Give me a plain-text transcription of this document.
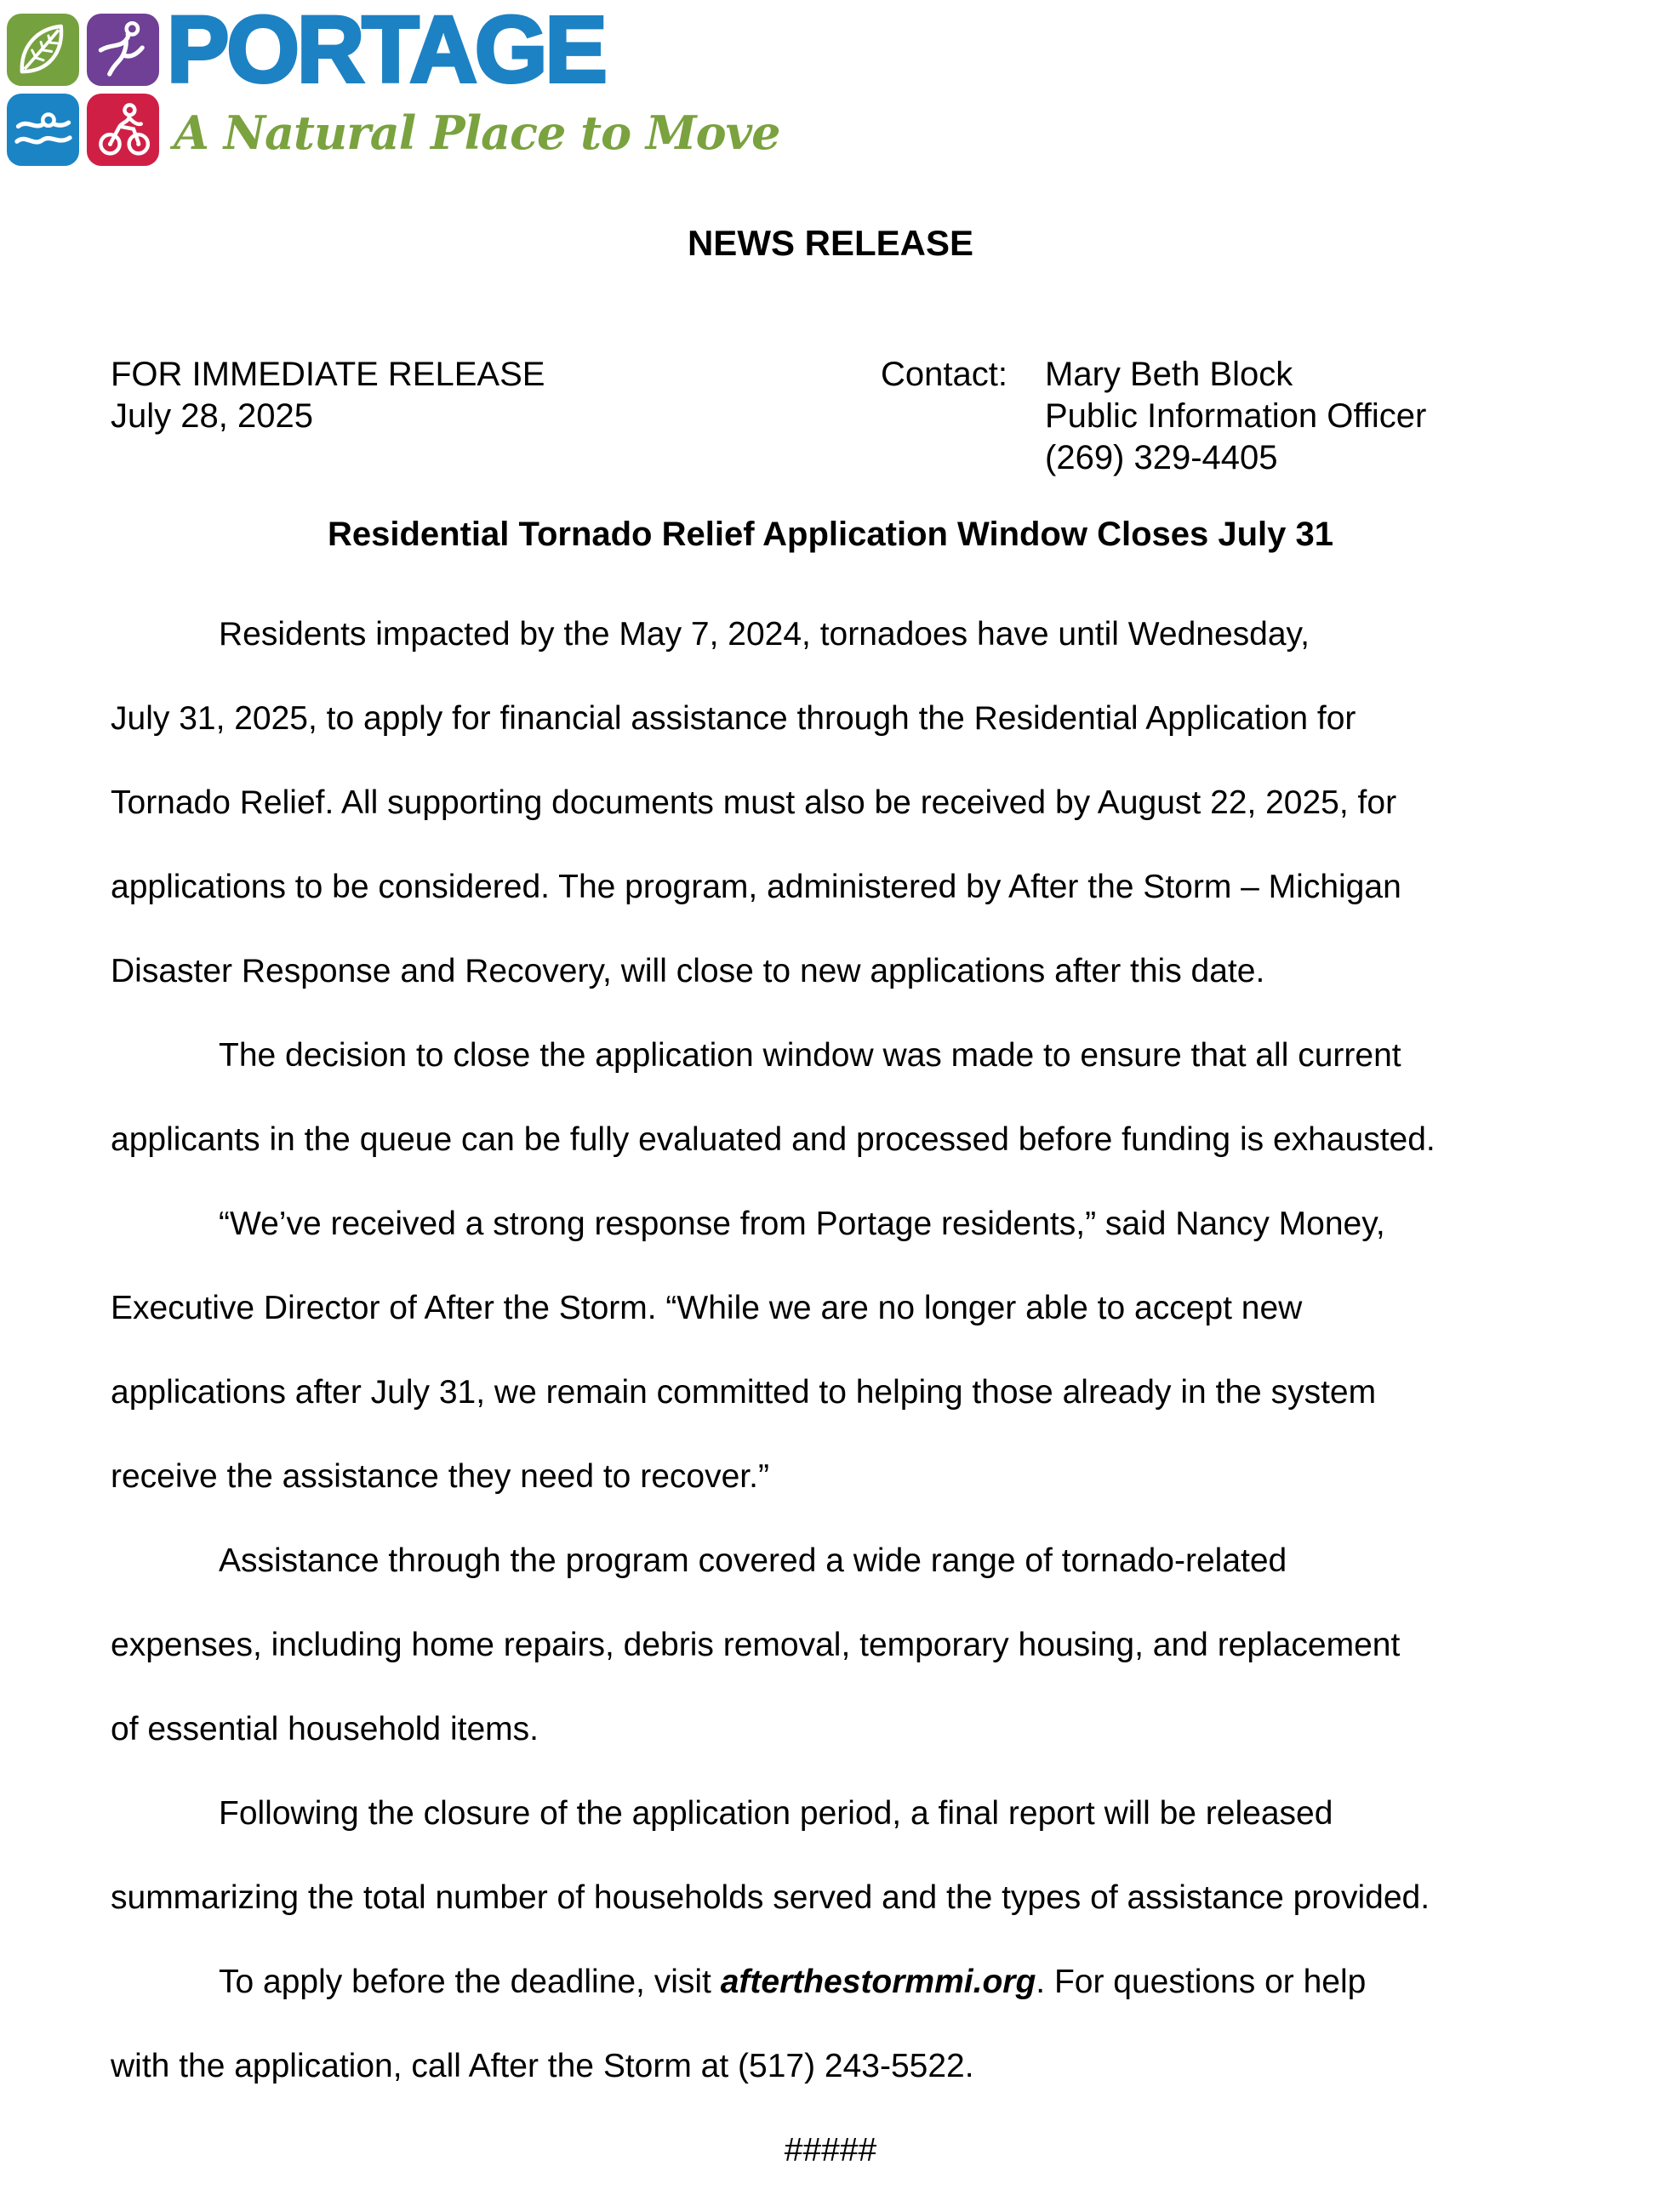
PORTAGE
A Natural Place to Move
NEWS RELEASE
FOR IMMEDIATE RELEASE
July 28, 2025
Contact: Mary Beth Block
Public Information Officer
(269) 329-4405
Residential Tornado Relief Application Window Closes July 31
Residents impacted by the May 7, 2024, tornadoes have until Wednesday,
July 31, 2025, to apply for financial assistance through the Residential Application for
Tornado Relief. All supporting documents must also be received by August 22, 2025, for
applications to be considered. The program, administered by After the Storm – Michigan
Disaster Response and Recovery, will close to new applications after this date.
The decision to close the application window was made to ensure that all current
applicants in the queue can be fully evaluated and processed before funding is exhausted.
“We’ve received a strong response from Portage residents,” said Nancy Money,
Executive Director of After the Storm. “While we are no longer able to accept new
applications after July 31, we remain committed to helping those already in the system
receive the assistance they need to recover.”
Assistance through the program covered a wide range of tornado-related
expenses, including home repairs, debris removal, temporary housing, and replacement
of essential household items.
Following the closure of the application period, a final report will be released
summarizing the total number of households served and the types of assistance provided.
To apply before the deadline, visit afterthestormmi.org. For questions or help
with the application, call After the Storm at (517) 243-5522.
#####
